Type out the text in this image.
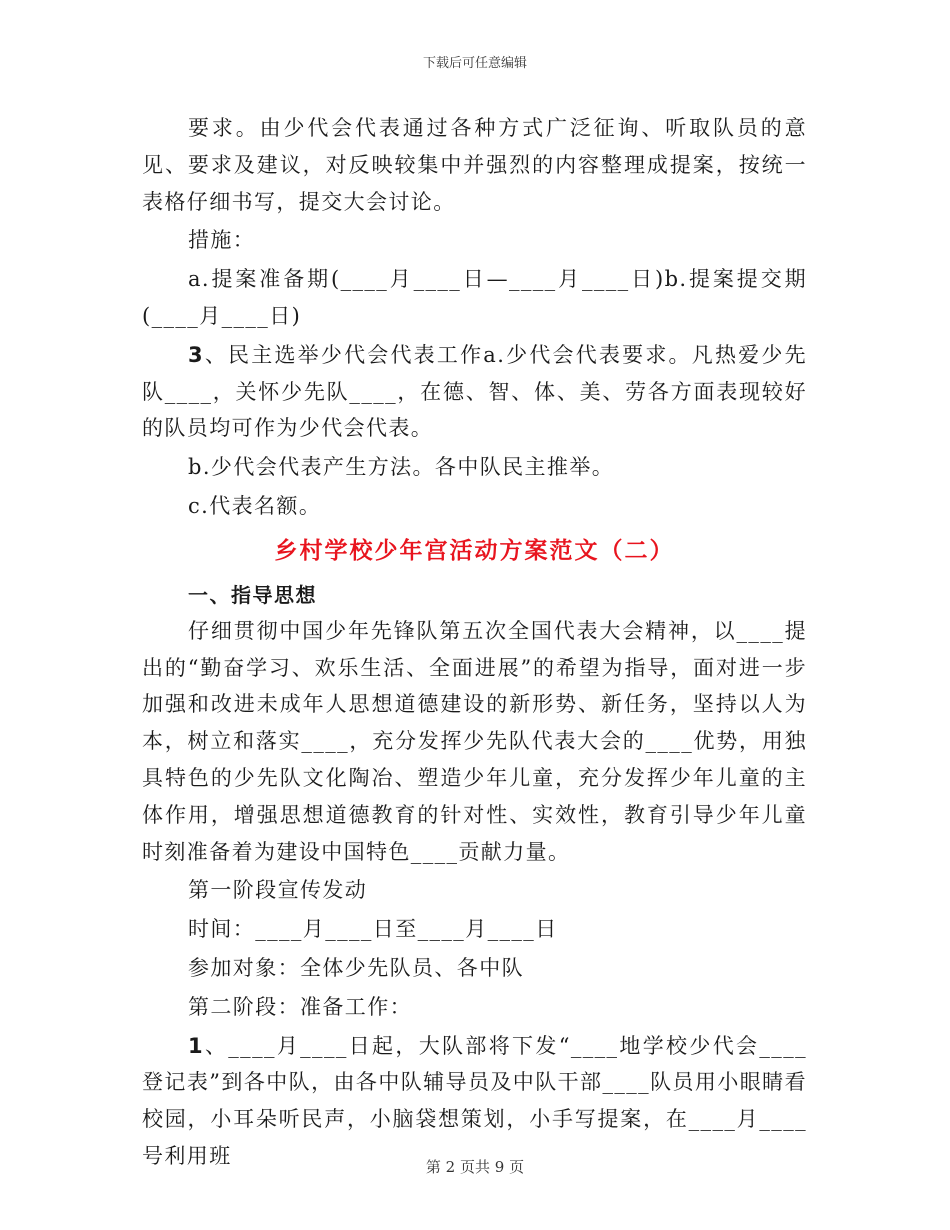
下载后可任意编辑

要求。由少代会代表通过各种方式广泛征询、听取队员的意见、要求及建议，对反映较集中并强烈的内容整理成提案，按统一表格仔细书写，提交大会讨论。

措施：

a.提案准备期(____月____日—____月____日)b.提案提交期(____月____日)

3、民主选举少代会代表工作a.少代会代表要求。凡热爱少先队____，关怀少先队____，在德、智、体、美、劳各方面表现较好的队员均可作为少代会代表。

b.少代会代表产生方法。各中队民主推举。

c.代表名额。

乡村学校少年宫活动方案范文（二）

一、指导思想

仔细贯彻中国少年先锋队第五次全国代表大会精神，以____提出的“勤奋学习、欢乐生活、全面进展”的希望为指导，面对进一步加强和改进未成年人思想道德建设的新形势、新任务，坚持以人为本，树立和落实____，充分发挥少先队代表大会的____优势，用独具特色的少先队文化陶冶、塑造少年儿童，充分发挥少年儿童的主体作用，增强思想道德教育的针对性、实效性，教育引导少年儿童时刻准备着为建设中国特色____贡献力量。

第一阶段宣传发动

时间：____月____日至____月____日

参加对象：全体少先队员、各中队

第二阶段：准备工作：

1、____月____日起，大队部将下发“____地学校少代会____登记表”到各中队，由各中队辅导员及中队干部____队员用小眼睛看校园，小耳朵听民声，小脑袋想策划，小手写提案，在____月____号利用班	第 2 页共 9 页
